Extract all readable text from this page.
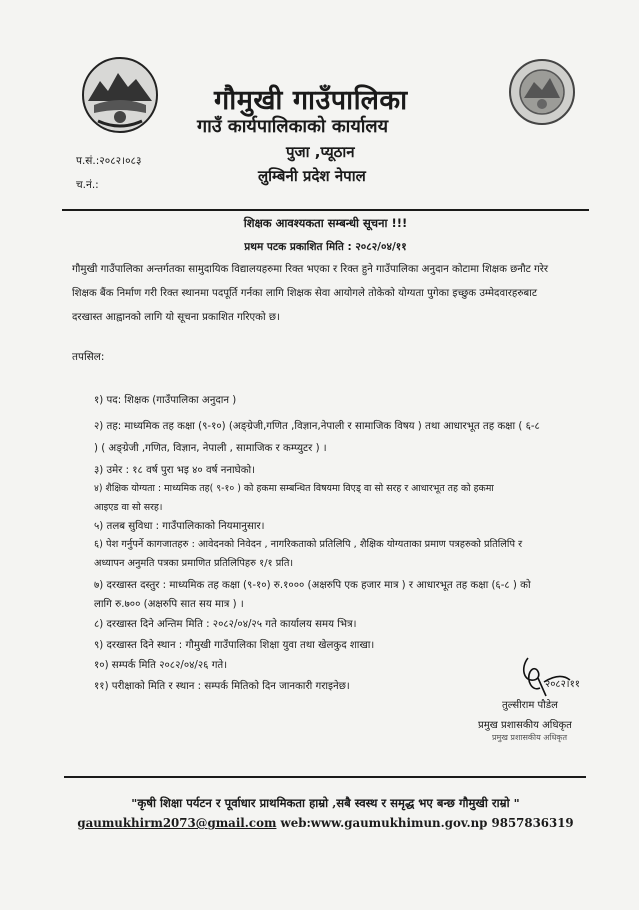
गौमुखी गाउँपालिका
गाउँ कार्यपालिकाको कार्यालय
पुजा ,प्यूठान
लुम्बिनी प्रदेश नेपाल
प.सं.:२०८२।०८३
च.नं.:
शिक्षक आवश्यकता सम्बन्धी सूचना !!!
प्रथम पटक प्रकाशित मिति : २०८२/०४/११
गौमुखी गाउँपालिका अन्तर्गतका सामुदायिक विद्यालयहरुमा रिक्त भएका र रिक्त हुने गाउँपालिका अनुदान कोटामा शिक्षक छनौट गरेर
शिक्षक बैंक निर्माण गरी रिक्त स्थानमा पदपूर्ति गर्नका लागि शिक्षक सेवा आयोगले तोकेको योग्यता पुगेका इच्छुक उम्मेदवारहरुबाट
दरखास्त आह्वानको लागि यो सूचना प्रकाशित गरिएको छ।
तपसिल:
१) पद: शिक्षक (गाउँपालिका अनुदान )
२) तह: माध्यमिक तह कक्षा (९-१०) (अङ्ग्रेजी,गणित ,विज्ञान,नेपाली र सामाजिक विषय ) तथा आधारभूत तह कक्षा ( ६-८
) ( अङ्ग्रेजी ,गणित, विज्ञान, नेपाली , सामाजिक र कम्प्युटर ) ।
३) उमेर : १८ वर्ष पुरा भइ ४० वर्ष ननाघेको।
४) शैक्षिक योग्यता : माध्यमिक तह( ९-१० ) को हकमा सम्बन्धित विषयमा विएड् वा सो सरह र आधारभूत तह को हकमा
आइएड वा सो सरह।
५) तलब सुविधा : गाउँपालिकाको नियमानुसार।
६) पेश गर्नुपर्ने कागजातहरु : आवेदनको निवेदन , नागरिकताको प्रतिलिपि , शैक्षिक योग्यताका प्रमाण पत्रहरुको प्रतिलिपि र
अध्यापन अनुमति पत्रका प्रमाणित प्रतिलिपिहरु १/१ प्रति।
७) दरखास्त दस्तुर : माध्यमिक तह कक्षा (९-१०) रु.१००० (अक्षरुपि एक हजार मात्र ) र आधारभूत तह कक्षा (६-८ ) को
लागि रु.७०० (अक्षरुपि सात सय मात्र ) ।
८) दरखास्त दिने अन्तिम मिति : २०८२/०४/२५ गते कार्यालय समय भित्र।
९) दरखास्त दिने स्थान : गौमुखी गाउँपालिका शिक्षा युवा तथा खेलकुद शाखा।
१०) सम्पर्क मिति २०८२/०४/२६ गते।
११) परीक्षाको मिति र स्थान : सम्पर्क मितिको दिन जानकारी गराइनेछ।	२०८२।११
तुल्सीराम पौडेल
प्रमुख प्रशासकीय अधिकृत
प्रमुख प्रशासकीय अधिकृत
"कृषी शिक्षा पर्यटन र पूर्वाधार प्राथमिकता हाम्रो ,सबै स्वस्थ र समृद्ध भए बन्छ गौमुखी राम्रो "
gaumukhirm2073@gmail.com web:www.gaumukhimun.gov.np 9857836319
